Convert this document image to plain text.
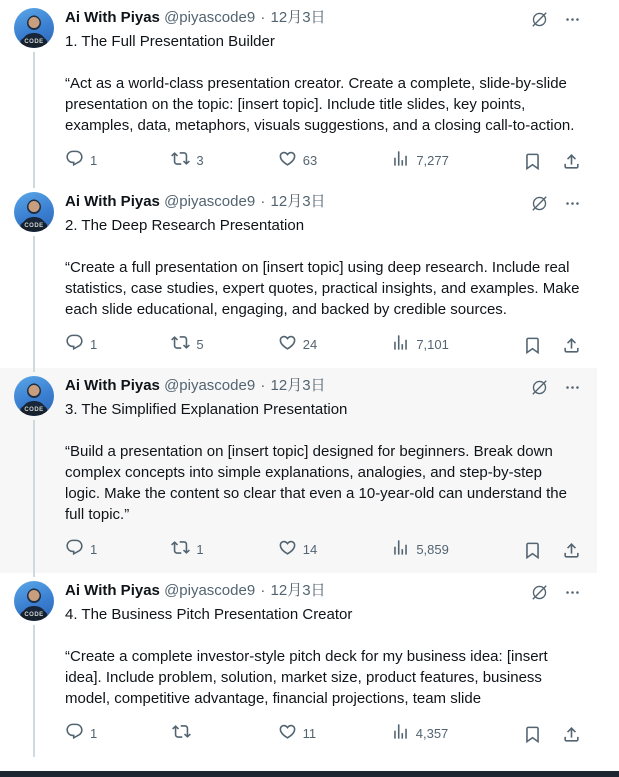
CODE
Ai With Piyas @piyascode9 · 12月3日
1. The Full Presentation Builder
“Act as a world-class presentation creator. Create a complete, slide-by-slide presentation on the topic: [insert topic]. Include title slides, key points, examples, data, metaphors, visuals suggestions, and a closing call-to-action.
1	3	63	7,277
CODE
Ai With Piyas @piyascode9 · 12月3日
2. The Deep Research Presentation
“Create a full presentation on [insert topic] using deep research. Include real statistics, case studies, expert quotes, practical insights, and examples. Make each slide educational, engaging, and backed by credible sources.
1	5	24	7,101
CODE
Ai With Piyas @piyascode9 · 12月3日
3. The Simplified Explanation Presentation
“Build a presentation on [insert topic] designed for beginners. Break down complex concepts into simple explanations, analogies, and step-by-step logic. Make the content so clear that even a 10-year-old can understand the full topic.”
1	1	14	5,859
CODE
Ai With Piyas @piyascode9 · 12月3日
4. The Business Pitch Presentation Creator
“Create a complete investor-style pitch deck for my business idea: [insert idea]. Include problem, solution, market size, product features, business model, competitive advantage, financial projections, team slide
1	11	4,357
